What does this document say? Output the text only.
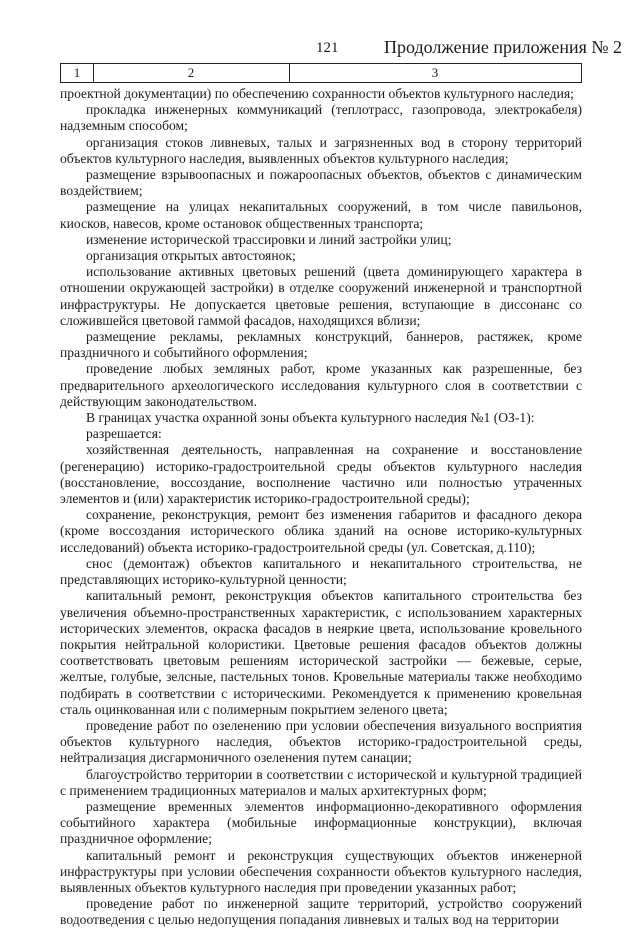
121	Продолжение приложения № 2
1	2	3

проектной документации) по обеспечению сохранности объектов культурного наследия;

прокладка инженерных коммуникаций (теплотрасс, газопровода, электрокабеля) надземным способом;

организация стоков ливневых, талых и загрязненных вод в сторону территорий объектов культурного наследия, выявленных объектов культурного наследия;

размещение взрывоопасных и пожароопасных объектов, объектов с динамическим воздействием;

размещение на улицах некапитальных сооружений, в том числе павильонов, киосков, навесов, кроме остановок общественных транспорта;

изменение исторической трассировки и линий застройки улиц;

организация открытых автостоянок;

использование активных цветовых решений (цвета доминирующего характера в отношении окружающей застройки) в отделке сооружений инженерной и транспортной инфраструктуры. Не допускается цветовые решения, вступающие в диссонанс со сложившейся цветовой гаммой фасадов, находящихся вблизи;

размещение рекламы, рекламных конструкций, баннеров, растяжек, кроме праздничного и событийного оформления;

проведение любых земляных работ, кроме указанных как разрешенные, без предварительного археологического исследования культурного слоя в соответствии с действующим законодательством.

В границах участка охранной зоны объекта культурного наследия №1 (ОЗ-1):

разрешается:

хозяйственная деятельность, направленная на сохранение и восстановление (регенерацию) историко-градостроительной среды объектов культурного наследия (восстановление, воссоздание, восполнение частично или полностью утраченных элементов и (или) характеристик историко-градостроительной среды);

сохранение, реконструкция, ремонт без изменения габаритов и фасадного декора (кроме воссоздания исторического облика зданий на основе историко-культурных исследований) объекта историко-градостроительной среды (ул. Советская, д.110);

снос (демонтаж) объектов капитального и некапитального строительства, не представляющих историко-культурной ценности;

капитальный ремонт, реконструкция объектов капитального строительства без увеличения объемно-пространственных характеристик, с использованием характерных исторических элементов, окраска фасадов в неяркие цвета, использование кровельного покрытия нейтральной колористики. Цветовые решения фасадов объектов должны соответствовать цветовым решениям исторической застройки — бежевые, серые, желтые, голубые, зелсные, пастельных тонов. Кровельные материалы также необходимо подбирать в соответствии с историческими. Рекомендуется к применению кровельная сталь оцинкованная или с полимерным покрытием зеленого цвета;

проведение работ по озеленению при условии обеспечения визуального восприятия объектов культурного наследия, объектов историко-градостроительной среды, нейтрализация дисгармоничного озеленения путем санации;

благоустройство территории в соответствии с исторической и культурной традицией с применением традиционных материалов и малых архитектурных форм;

размещение временных элементов информационно-декоративного оформления событийного характера (мобильные информационные конструкции), включая праздничное оформление;

капитальный ремонт и реконструкция существующих объектов инженерной инфраструктуры при условии обеспечения сохранности объектов культурного наследия, выявленных объектов культурного наследия при проведении указанных работ;

проведение работ по инженерной защите территорий, устройство сооружений водоотведения с целью недопущения попадания ливневых и талых вод на территории
